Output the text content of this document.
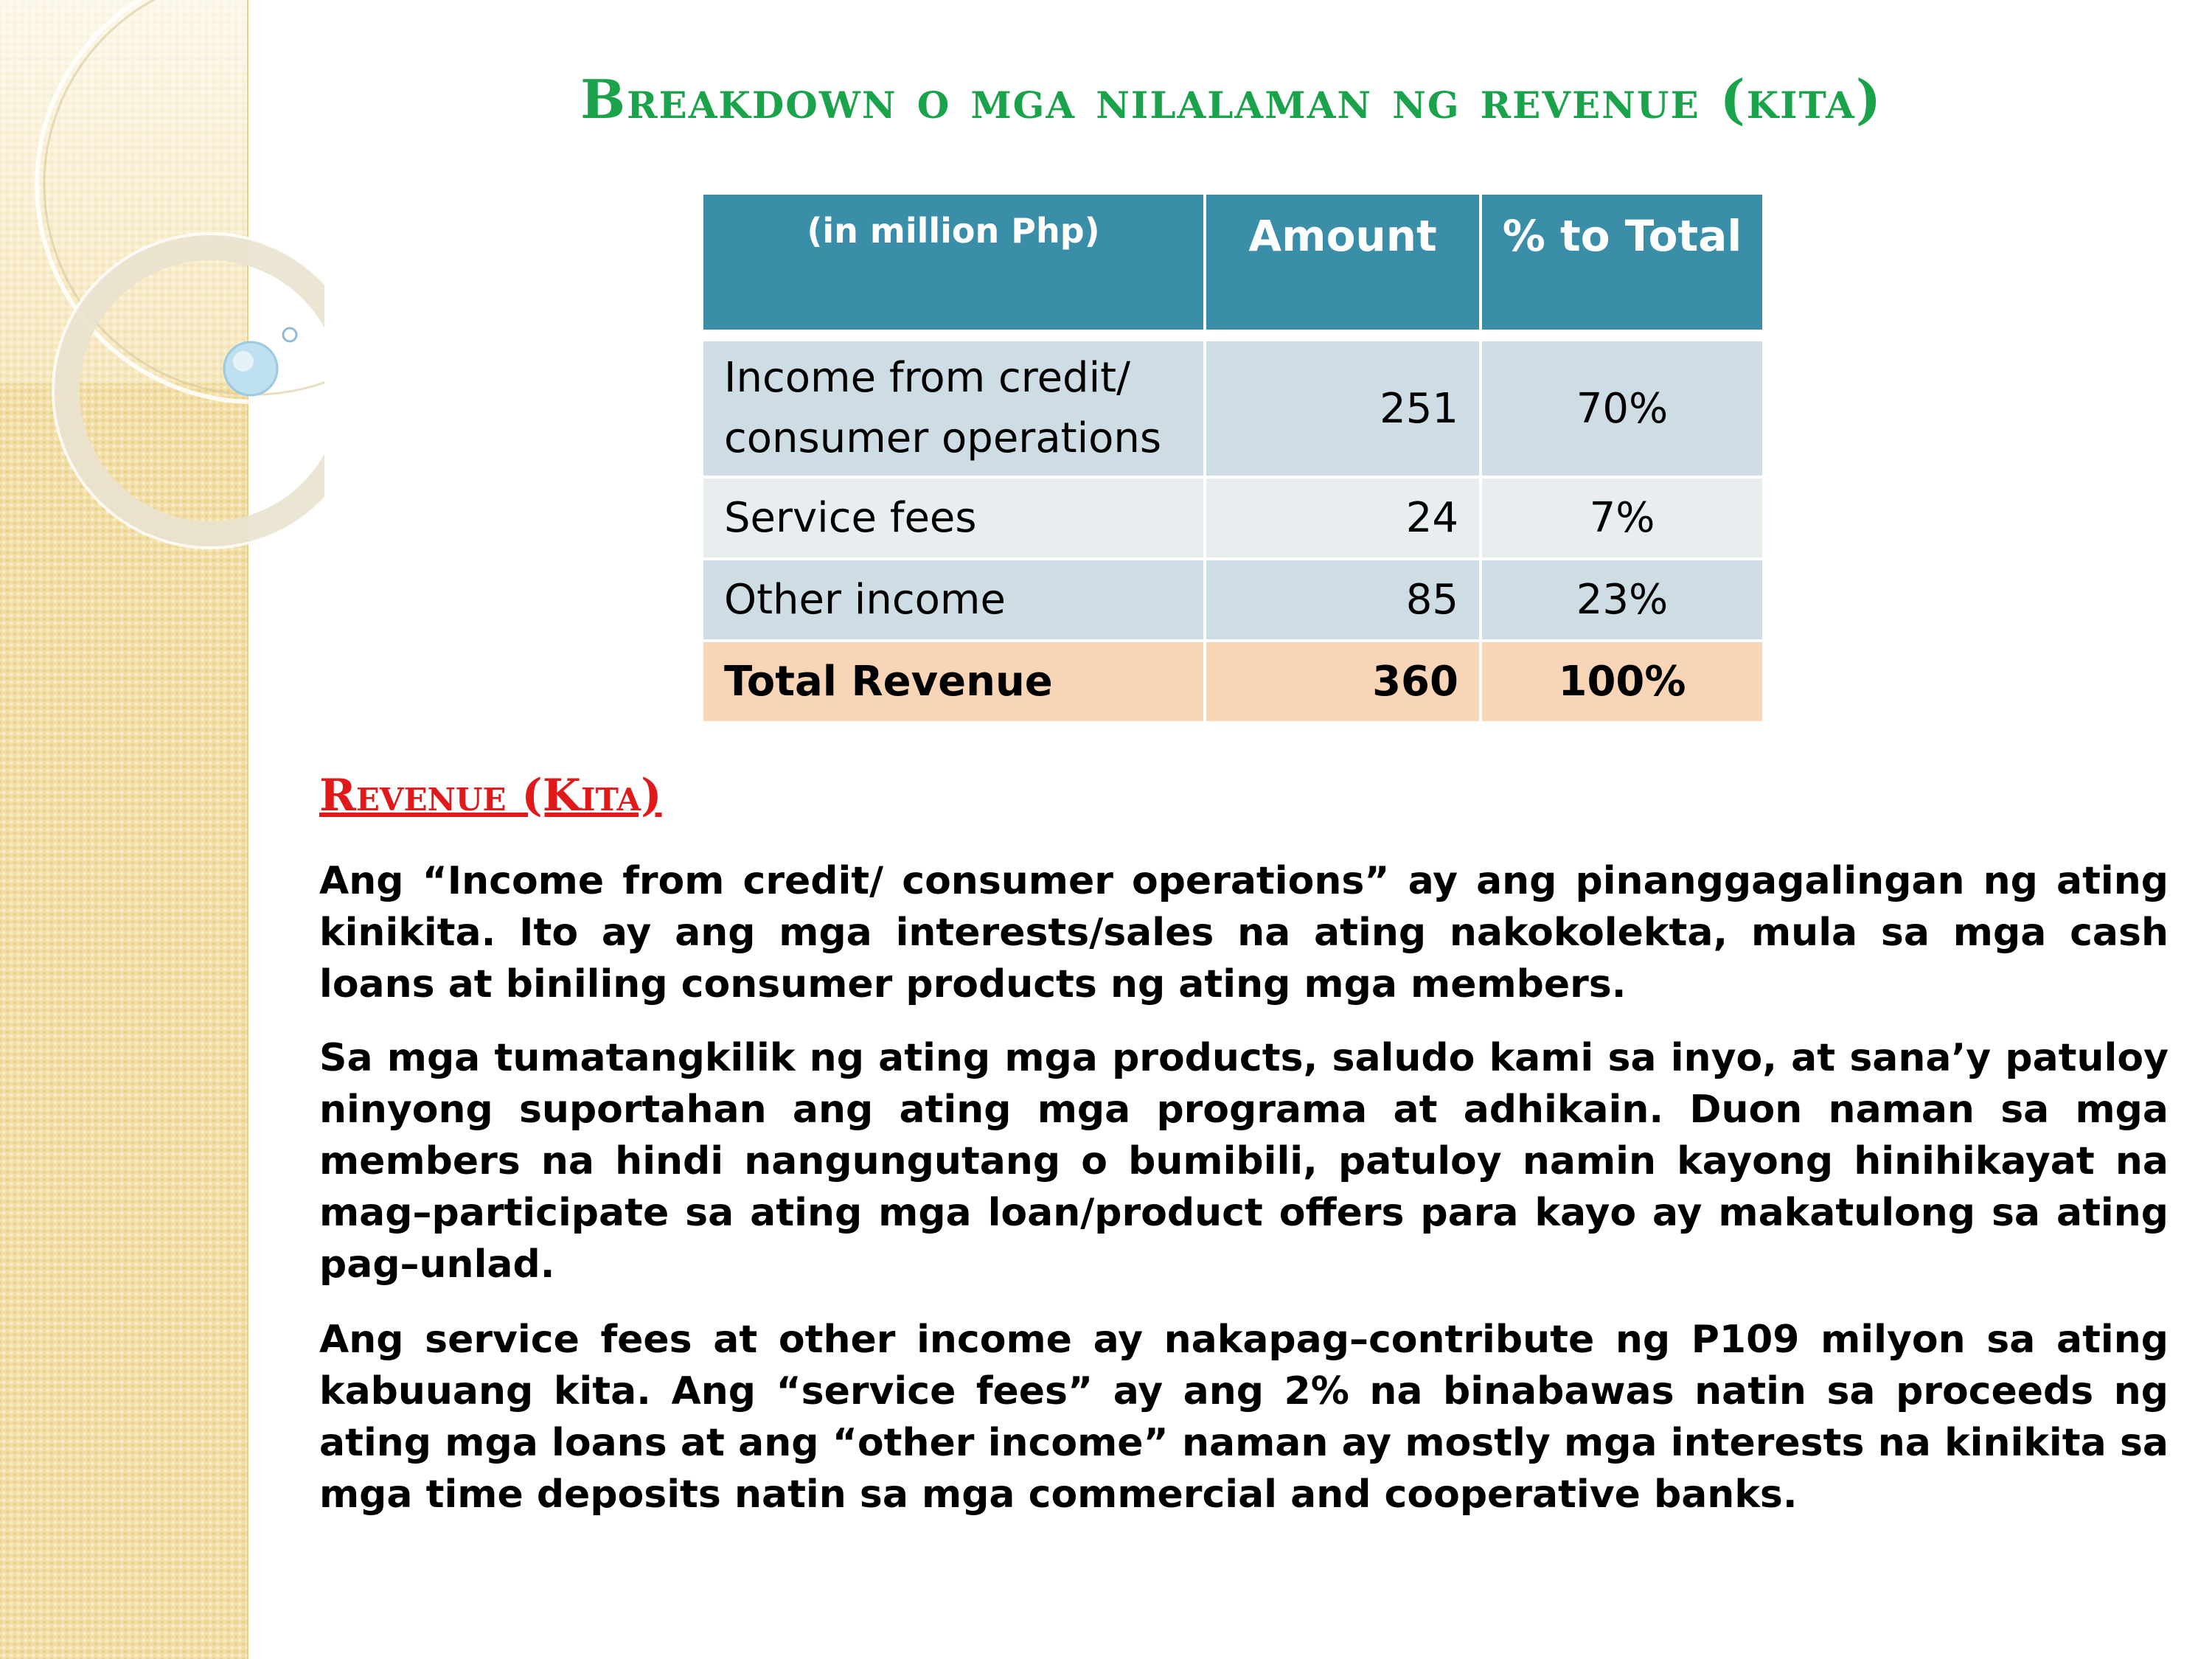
Breakdown o mga nilalaman ng revenue (kita)
(in million Php)	Amount	% to Total

Income from credit/ consumer operations	251	70%
Service fees	24	7%
Other income	85	23%
Total Revenue	360	100%
Revenue (Kita)

Ang “Income from credit/ consumer operations” ay ang pinanggagalingan ng ating kinikita. Ito ay ang mga interests/sales na ating nakokolekta, mula sa mga cash loans at biniling consumer products ng ating mga members.

Sa mga tumatangkilik ng ating mga products, saludo kami sa inyo, at sana’y patuloy ninyong suportahan ang ating mga programa at adhikain. Duon naman sa mga members na hindi nangungutang o bumibili, patuloy namin kayong hinihikayat na mag–participate sa ating mga loan/product offers para kayo ay makatulong sa ating pag–unlad.

Ang service fees at other income ay nakapag–contribute ng P109 milyon sa ating kabuuang kita. Ang “service fees” ay ang 2% na binabawas natin sa proceeds ng ating mga loans at ang “other income” naman ay mostly mga interests na kinikita sa mga time deposits natin sa mga commercial and cooperative banks.
